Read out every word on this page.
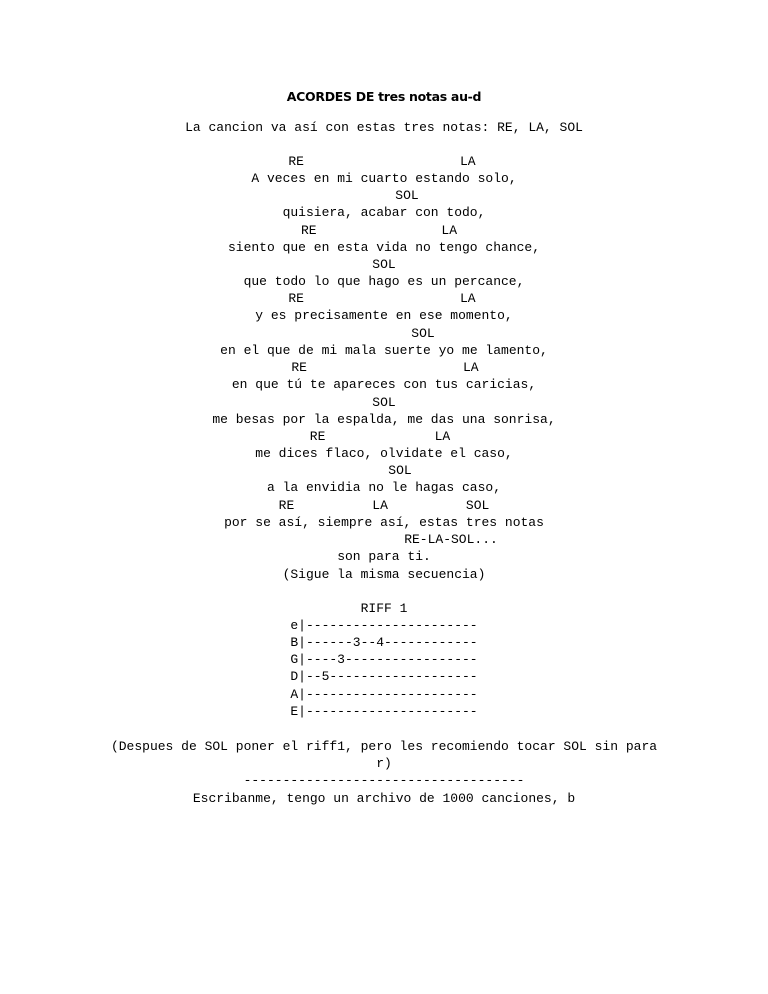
ACORDES DE tres notas au-d
La cancion va así con estas tres notas: RE, LA, SOL
RE                    LA
A veces en mi cuarto estando solo,
SOL
quisiera, acabar con todo,
RE                LA
siento que en esta vida no tengo chance,
SOL
que todo lo que hago es un percance,
RE                    LA
y es precisamente en ese momento,
SOL
en el que de mi mala suerte yo me lamento,
RE                    LA
en que tú te apareces con tus caricias,
SOL
me besas por la espalda, me das una sonrisa,
RE              LA
me dices flaco, olvidate el caso,
SOL
a la envidia no le hagas caso,
RE          LA          SOL
por se así, siempre así, estas tres notas
RE-LA-SOL...
son para ti.
(Sigue la misma secuencia)
RIFF 1
e|----------------------
B|------3--4------------
G|----3-----------------
D|--5-------------------
A|----------------------
E|----------------------
(Despues de SOL poner el riff1, pero les recomiendo tocar SOL sin para
r)
------------------------------------
Escribanme, tengo un archivo de 1000 canciones, b
